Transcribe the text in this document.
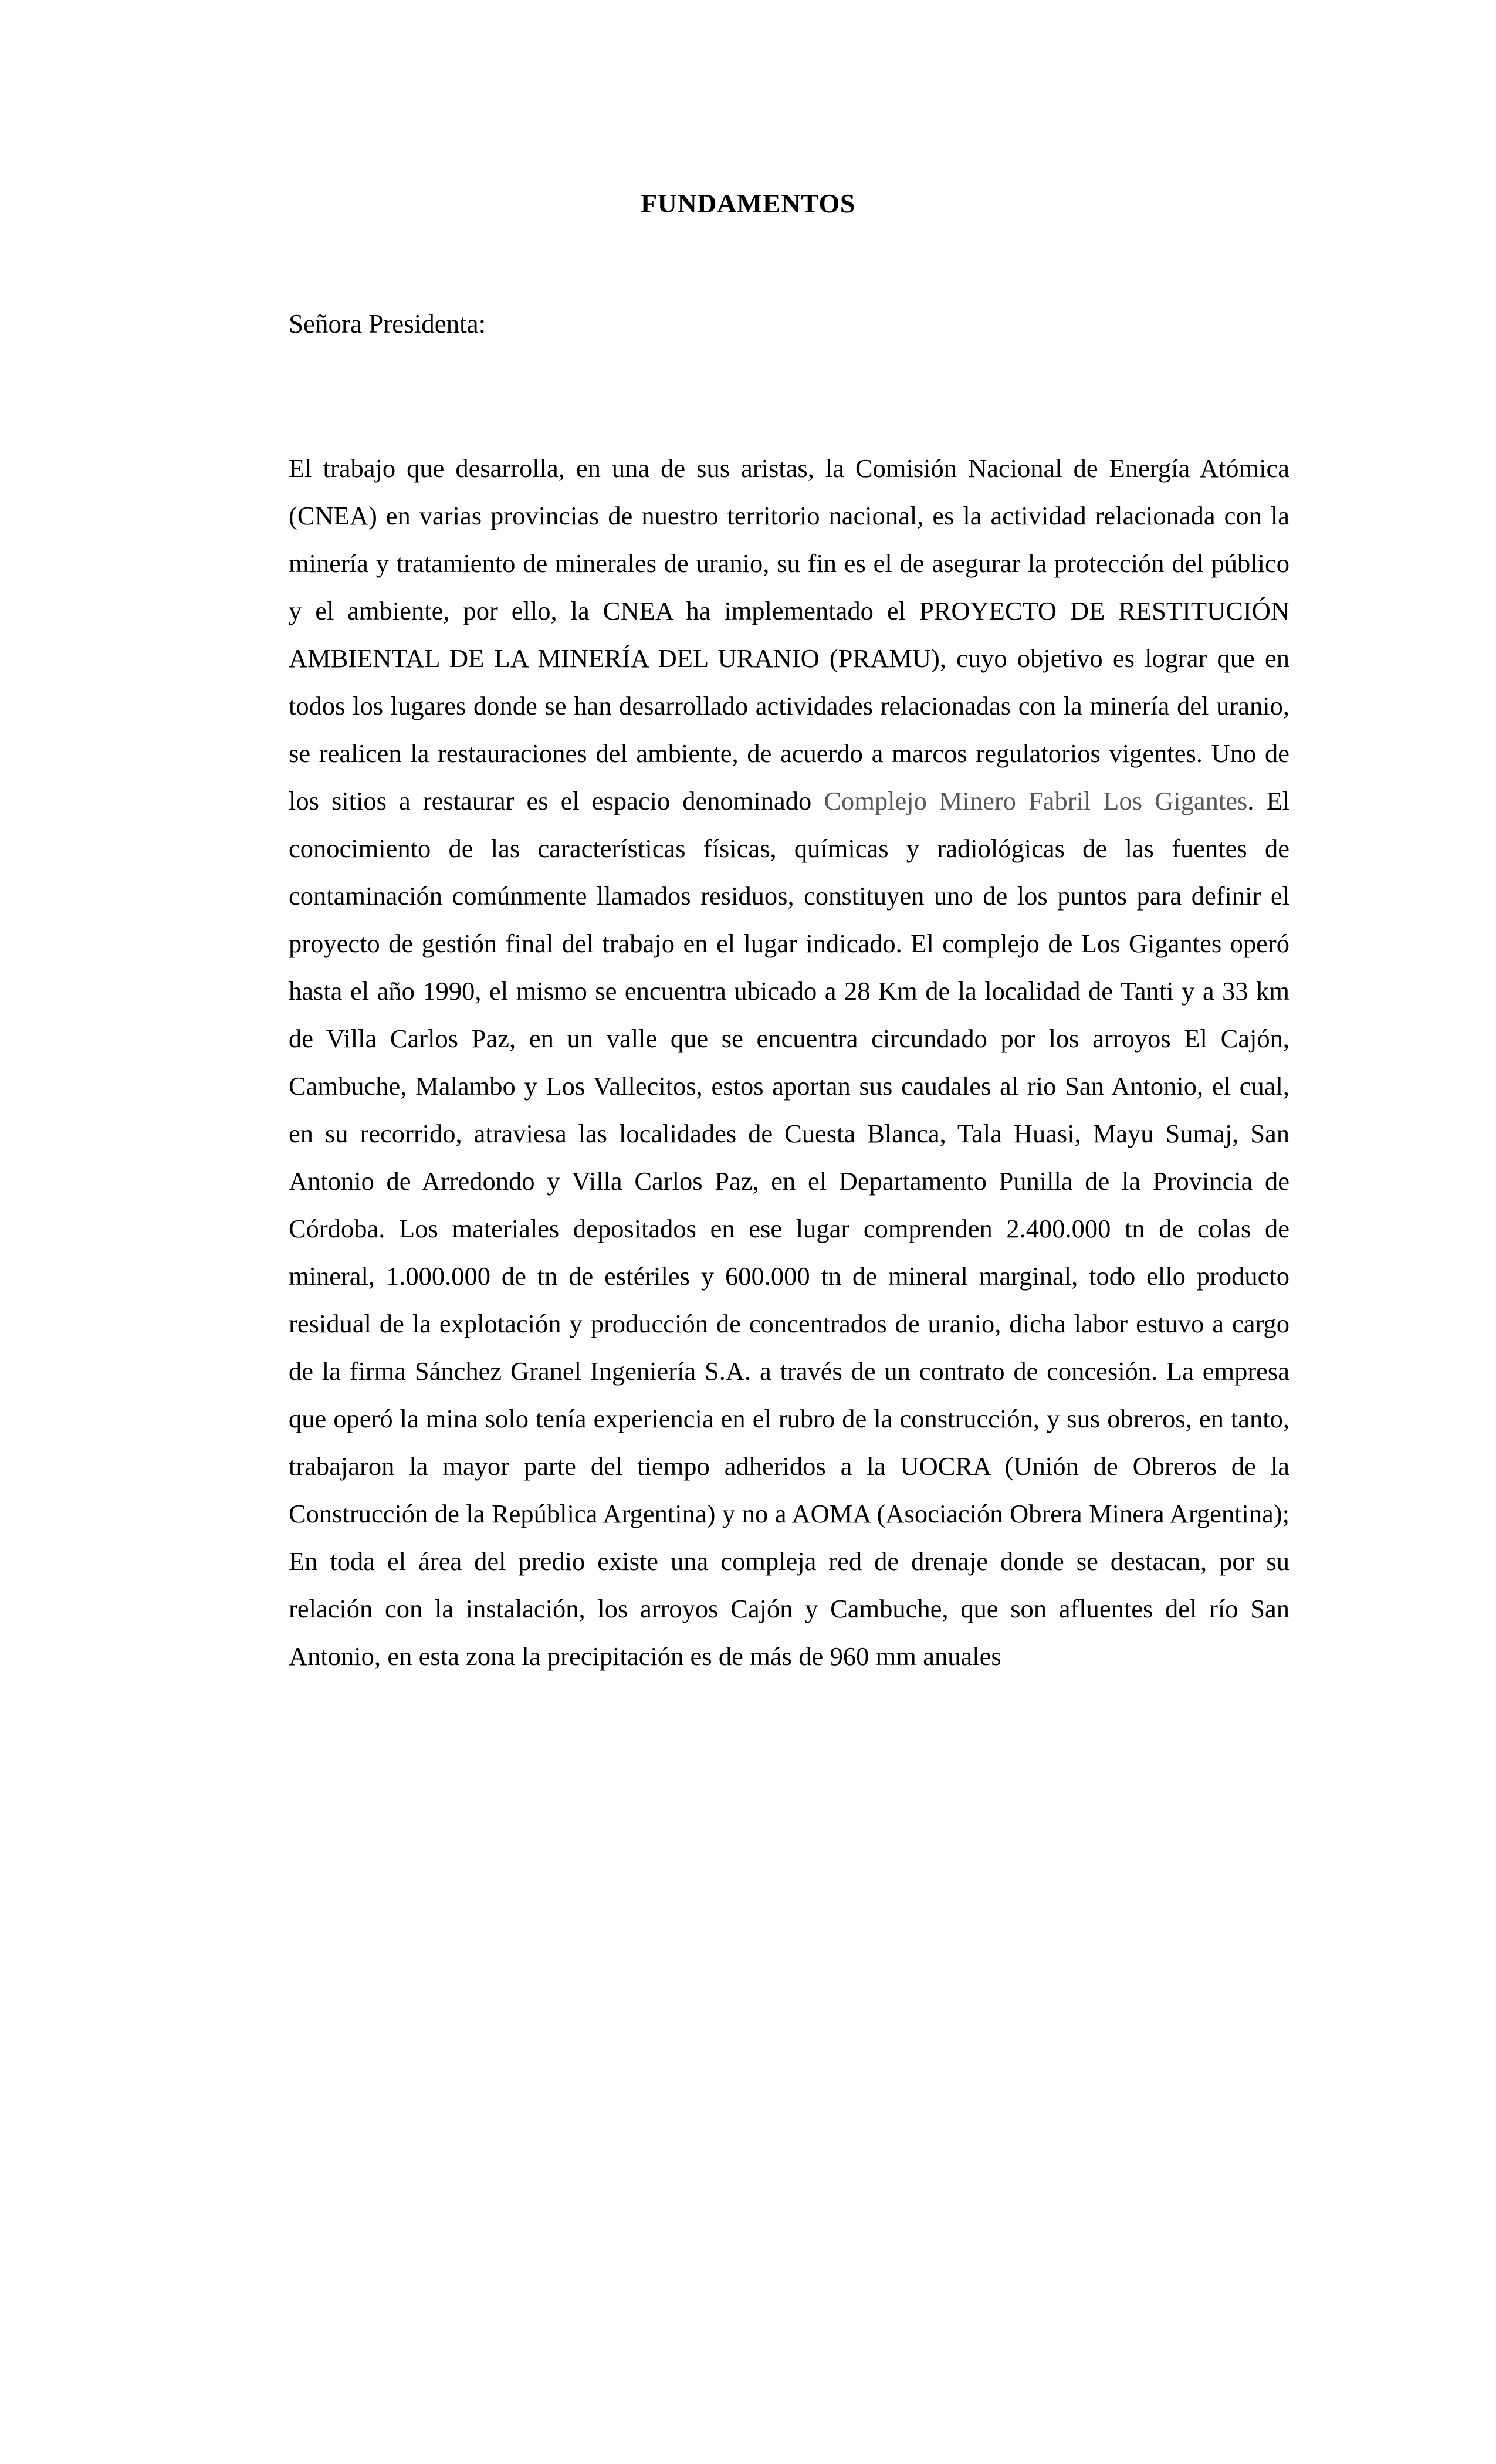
FUNDAMENTOS
Señora Presidenta:

El trabajo que desarrolla, en una de sus aristas, la Comisión Nacional de Energía Atómica (CNEA) en varias provincias de nuestro territorio nacional, es la actividad relacionada con la minería y tratamiento de minerales de uranio, su fin es el de asegurar la protección del público y el ambiente, por ello, la CNEA ha implementado el PROYECTO DE RESTITUCIÓN AMBIENTAL DE LA MINERÍA DEL URANIO (PRAMU), cuyo objetivo es lograr que en todos los lugares donde se han desarrollado actividades relacionadas con la minería del uranio, se realicen la restauraciones del ambiente, de acuerdo a marcos regulatorios vigentes. Uno de los sitios a restaurar es el espacio denominado Complejo Minero Fabril Los Gigantes. El conocimiento de las características físicas, químicas y radiológicas de las fuentes de contaminación comúnmente llamados residuos, constituyen uno de los puntos para definir el proyecto de gestión final del trabajo en el lugar indicado. El complejo de Los Gigantes operó hasta el año 1990, el mismo se encuentra ubicado a 28 Km de la localidad de Tanti y a 33 km de Villa Carlos Paz, en un valle que se encuentra circundado por los arroyos El Cajón, Cambuche, Malambo y Los Vallecitos, estos aportan sus caudales al rio San Antonio, el cual, en su recorrido, atraviesa las localidades de Cuesta Blanca, Tala Huasi, Mayu Sumaj, San Antonio de Arredondo y Villa Carlos Paz, en el Departamento Punilla de la Provincia de Córdoba. Los materiales depositados en ese lugar comprenden 2.400.000 tn de colas de mineral, 1.000.000 de tn de estériles y 600.000 tn de mineral marginal, todo ello producto residual de la explotación y producción de concentrados de uranio, dicha labor estuvo a cargo de la firma Sánchez Granel Ingeniería S.A. a través de un contrato de concesión. La empresa que operó la mina solo tenía experiencia en el rubro de la construcción, y sus obreros, en tanto, trabajaron la mayor parte del tiempo adheridos a la UOCRA (Unión de Obreros de la Construcción de la República Argentina) y no a AOMA (Asociación Obrera Minera Argentina); En toda el área del predio existe una compleja red de drenaje donde se destacan, por su relación con la instalación, los arroyos Cajón y Cambuche, que son afluentes del río San Antonio, en esta zona la precipitación es de más de 960 mm anuales
